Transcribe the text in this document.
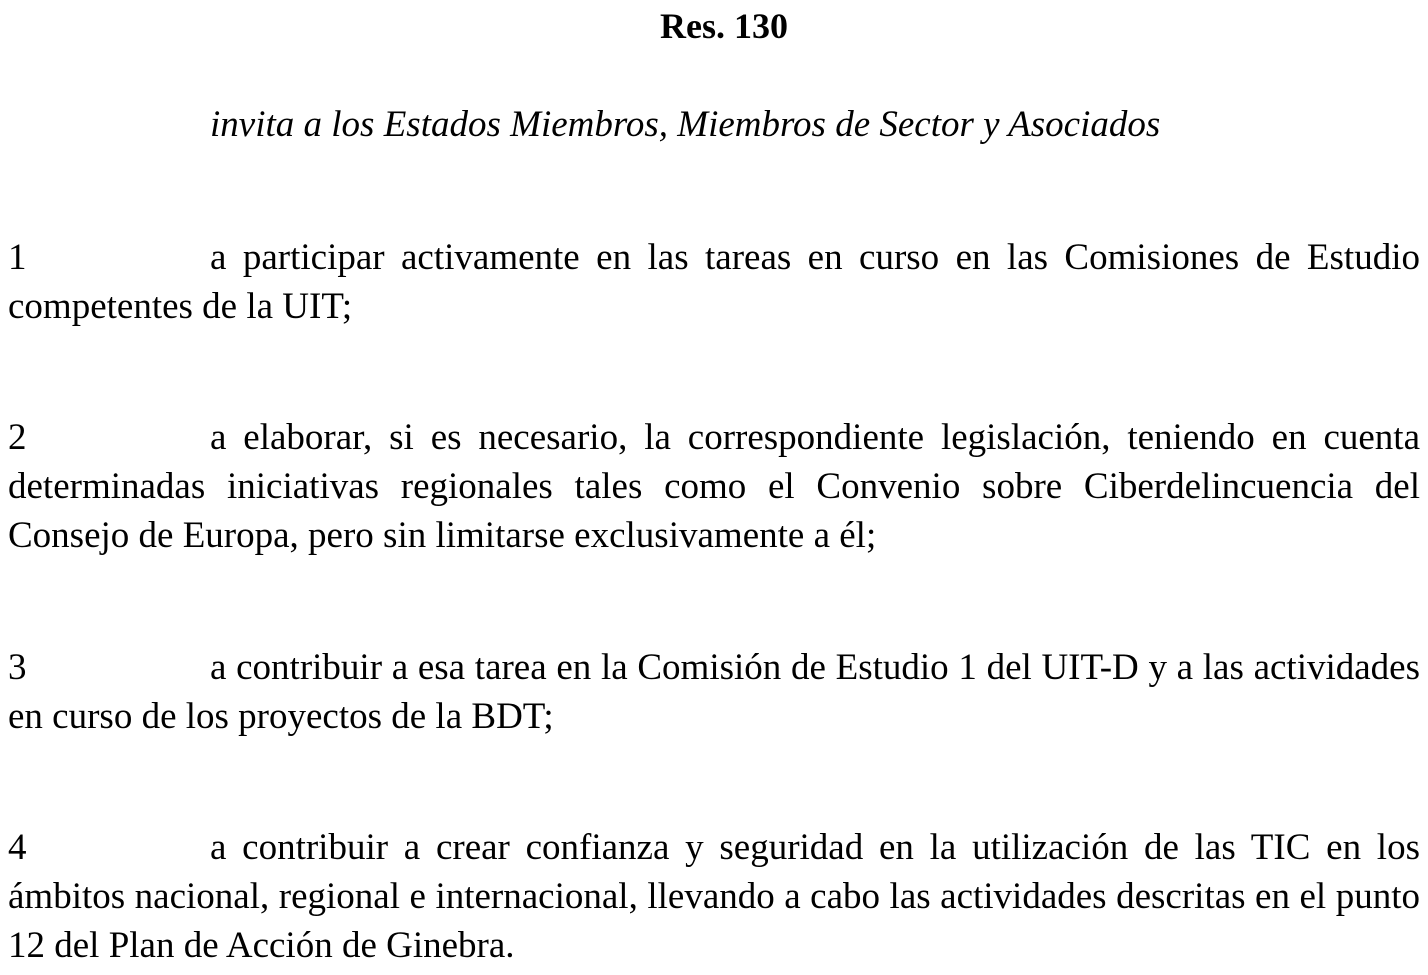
Res. 130
invita a los Estados Miembros, Miembros de Sector y Asociados
1	a participar activamente en las tareas en curso en las Comisiones de Estudio competentes de la UIT;
2	a elaborar, si es necesario, la correspondiente legislación, teniendo en cuenta determinadas iniciativas regionales tales como el Convenio sobre Ciberdelincuencia del Consejo de Europa, pero sin limitarse exclusivamente a él;
3	a contribuir a esa tarea en la Comisión de Estudio 1 del UIT-D y a las actividades en curso de los proyectos de la BDT;
4	a contribuir a crear confianza y seguridad en la utilización de las TIC en los ámbitos nacional, regional e internacional, llevando a cabo las actividades descritas en el punto 12 del Plan de Acción de Ginebra.
